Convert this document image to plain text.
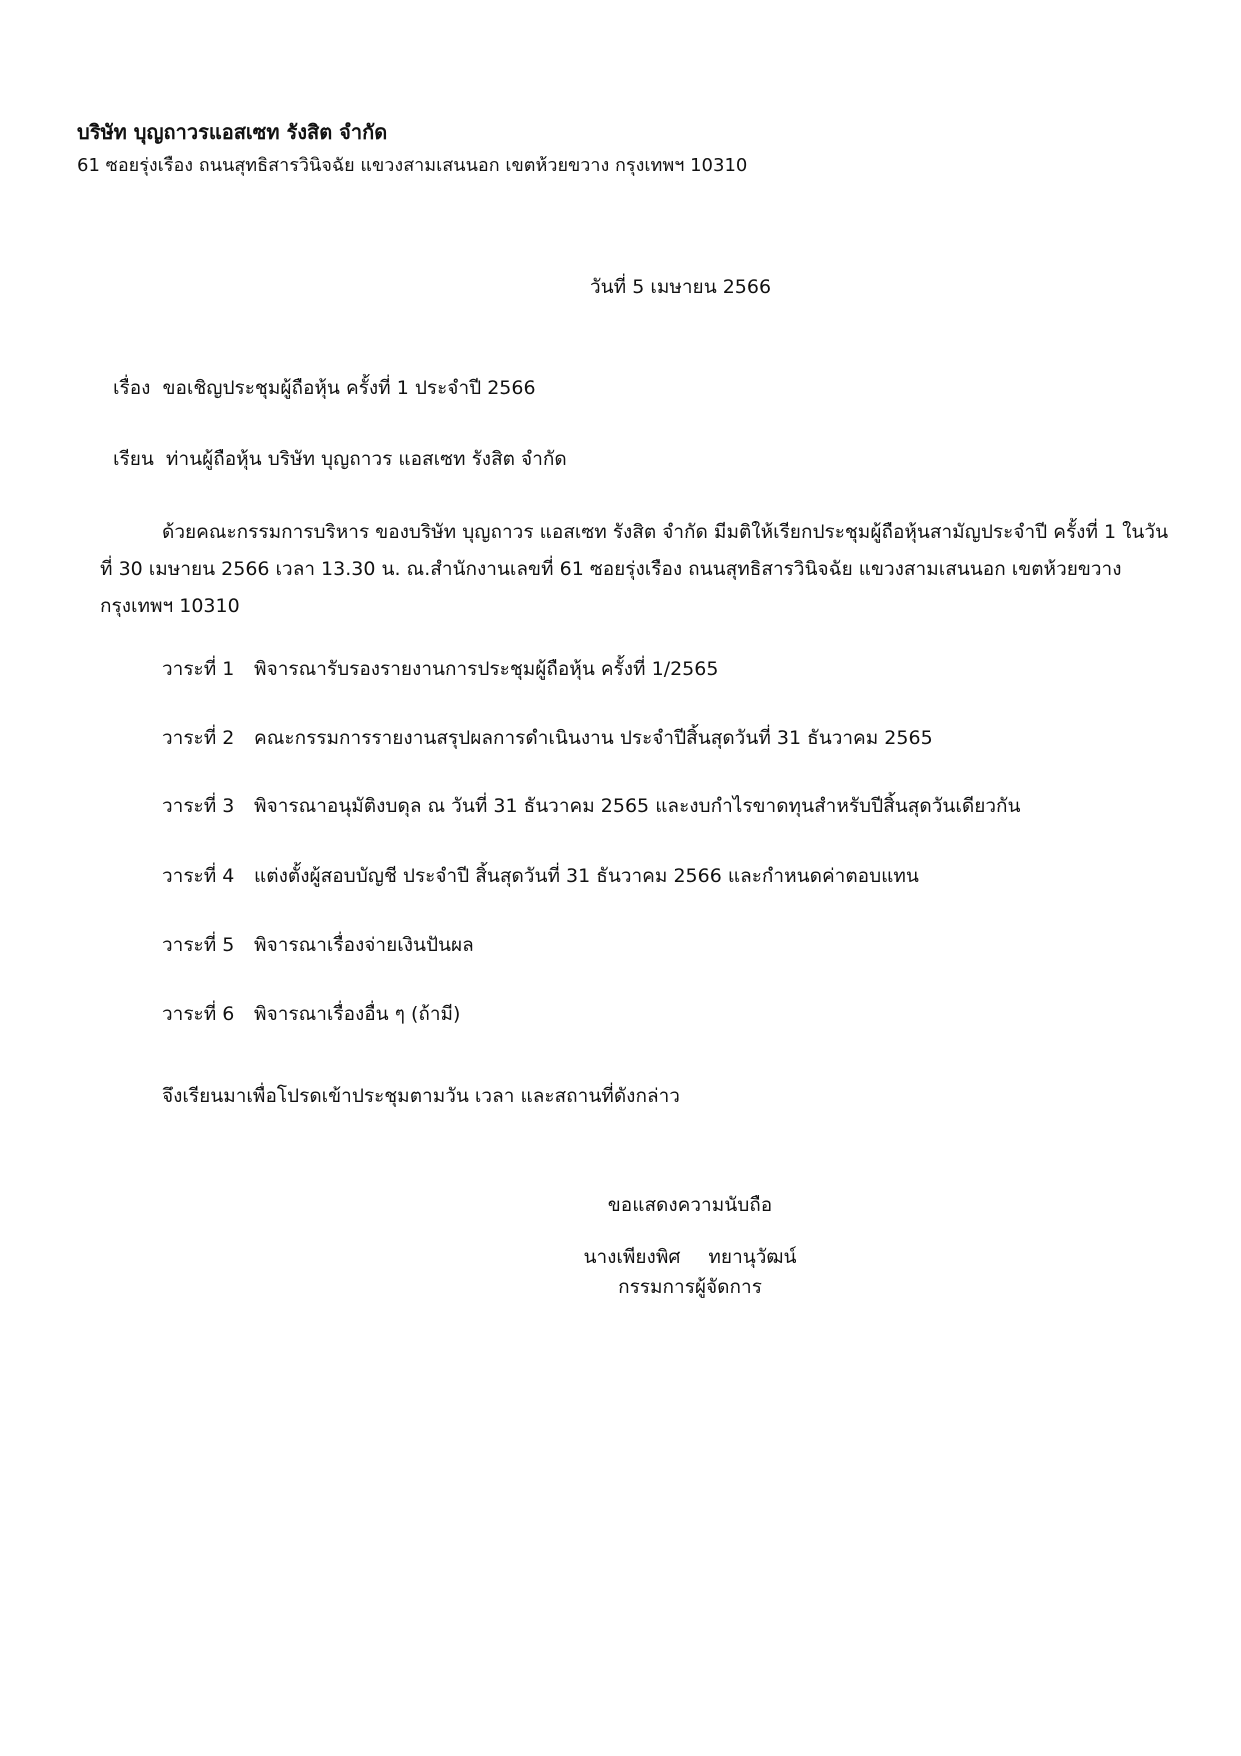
บริษัท บุญถาวรแอสเซท รังสิต จำกัด
61 ซอยรุ่งเรือง ถนนสุทธิสารวินิจฉัย แขวงสามเสนนอก เขตห้วยขวาง กรุงเทพฯ 10310
วันที่ 5 เมษายน 2566
เรื่อง ขอเชิญประชุมผู้ถือหุ้น ครั้งที่ 1 ประจำปี 2566
เรียน ท่านผู้ถือหุ้น บริษัท บุญถาวร แอสเซท รังสิต จำกัด

ด้วยคณะกรรมการบริหาร ของบริษัท บุญถาวร แอสเซท รังสิต จำกัด มีมติให้เรียกประชุมผู้ถือหุ้นสามัญประจำปี ครั้งที่ 1 ในวันที่ 30 เมษายน 2566 เวลา 13.30 น. ณ.สำนักงานเลขที่ 61 ซอยรุ่งเรือง ถนนสุทธิสารวินิจฉัย แขวงสามเสนนอก เขตห้วยขวาง กรุงเทพฯ 10310

วาระที่ 1 พิจารณารับรองรายงานการประชุมผู้ถือหุ้น ครั้งที่ 1/2565
วาระที่ 2 คณะกรรมการรายงานสรุปผลการดำเนินงาน ประจำปีสิ้นสุดวันที่ 31 ธันวาคม 2565
วาระที่ 3 พิจารณาอนุมัติงบดุล ณ วันที่ 31 ธันวาคม 2565 และงบกำไรขาดทุนสำหรับปีสิ้นสุดวันเดียวกัน
วาระที่ 4 แต่งตั้งผู้สอบบัญชี ประจำปี สิ้นสุดวันที่ 31 ธันวาคม 2566 และกำหนดค่าตอบแทน
วาระที่ 5 พิจารณาเรื่องจ่ายเงินปันผล
วาระที่ 6 พิจารณาเรื่องอื่น ๆ (ถ้ามี)
จึงเรียนมาเพื่อโปรดเข้าประชุมตามวัน เวลา และสถานที่ดังกล่าว
ขอแสดงความนับถือ
นางเพียงพิศ ทยานุวัฒน์
กรรมการผู้จัดการ
